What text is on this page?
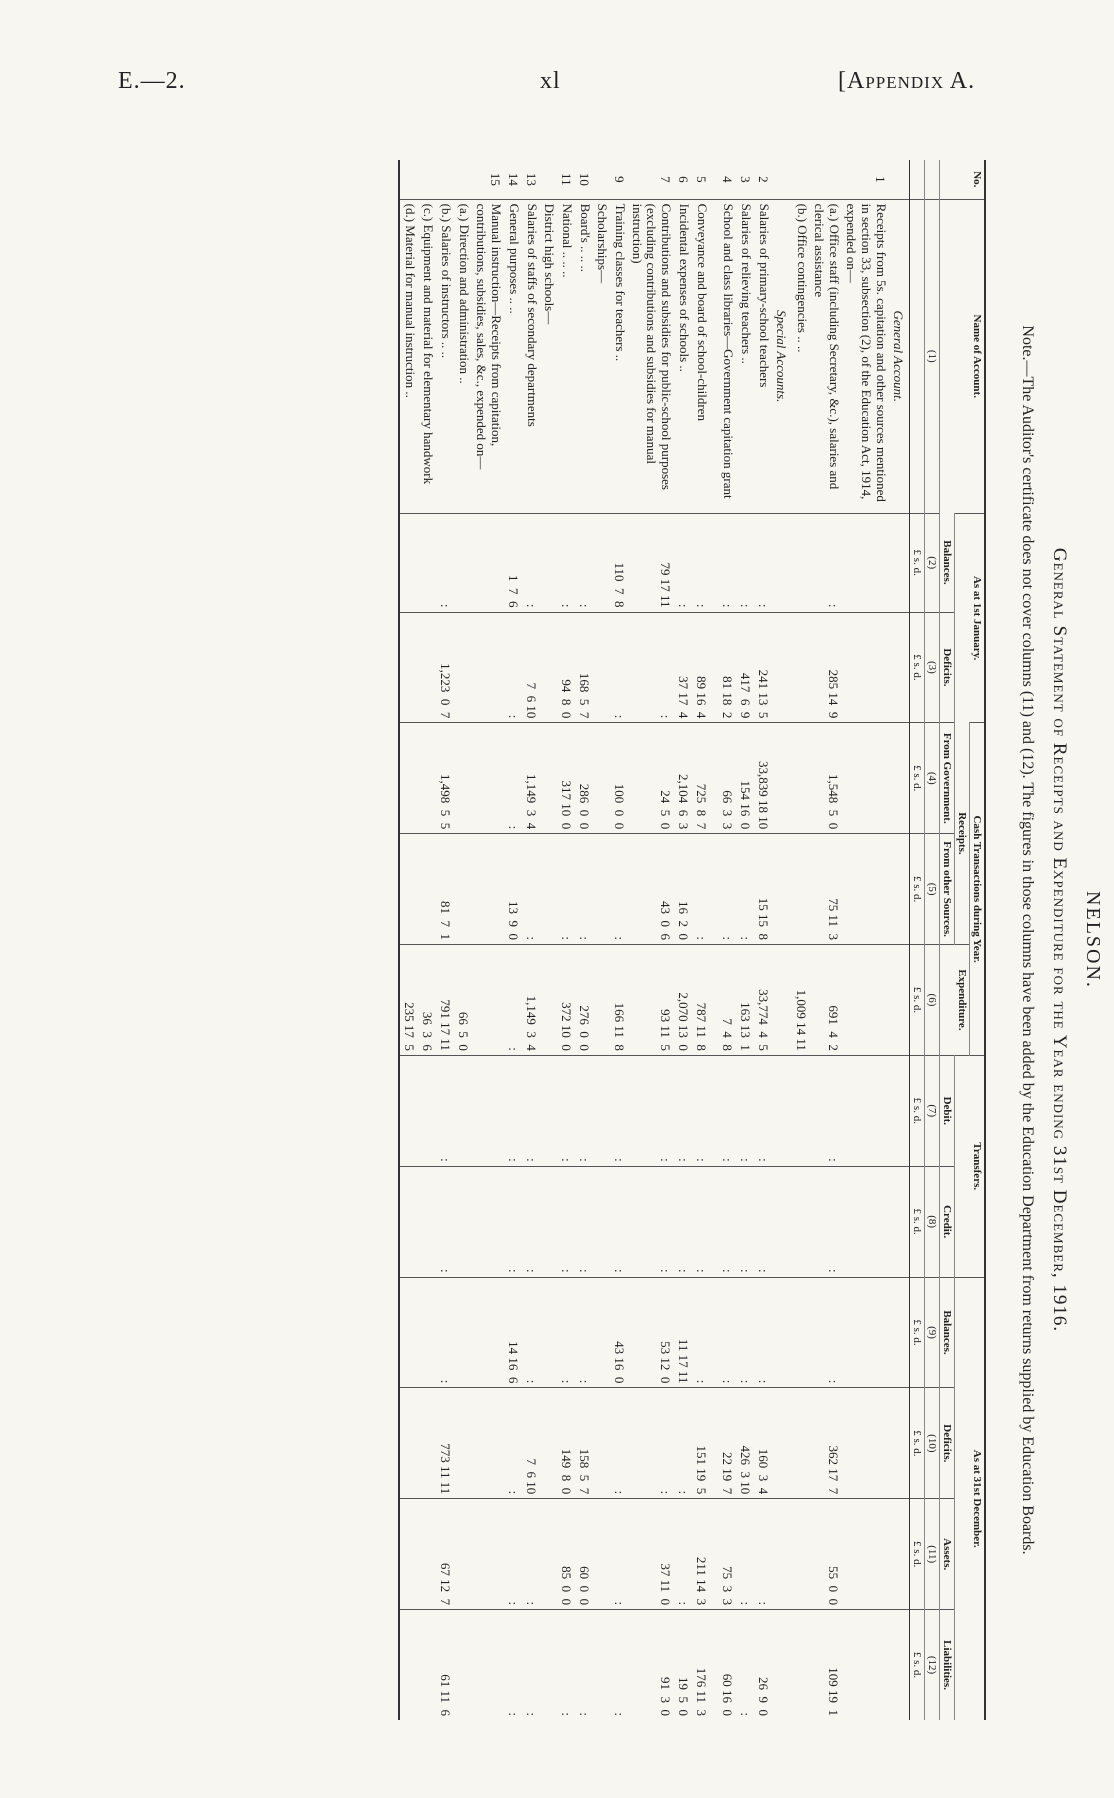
E.—2.	xl	[Appendix A.
NELSON.
General Statement of Receipts and Expenditure for the Year ending 31st December, 1916.
Note.—The Auditor's certificate does not cover columns (11) and (12). The figures in those columns have been added by the Education Department from returns supplied by Education Boards.
No.	Name of Account.	As at 1st January.		Cash Transactions during Year.			Transfers.		As at 31st December.			
				Receipts.		Expenditure.						
		Balances.	Deficits.	From Government.	From other Sources.		Debit.	Credit.	Balances.	Deficits.	Assets.	Liabilities.
	(1)	(2)	(3)	(4)	(5)	(6)	(7)	(8)	(9)	(10)	(11)	(12)
		£ s. d.	£ s. d.	£ s. d.	£ s. d.	£ s. d.	£ s. d.	£ s. d.	£ s. d.	£ s. d.	£ s. d.	£ s. d.
	General Account.											
1	Receipts from 5s. capitation and other sources mentioned in section 33, subsection (2), of the Education Act, 1914, expended on—											
	(a.) Office staff (including Secretary, &c.), salaries and clerical assistance	:	285 14  9	1,548  5  0	75 11  3	691  4  2	:	:	:	362 17  7	55  0  0	109 19  1
	(b.) Office contingencies .. ..					1,009 14 11						
	Special Accounts.											
2	Salaries of primary-school teachers	:	241 13  5	33,839 18 10	15 15  8	33,774  4  5	:	:	:	160  3  4	:	26  9  0
3	Salaries of relieving teachers ..	:	417  6  9	154 16  0	:	163 13  1	:	:	:	426  3 10	:	:
4	School and class libraries—Government capitation grant	:	81 18  2	66  3  3	:	7  4  8	:	:	:	22 19  7	75  3  3	60 16  0

5	Conveyance and board of school-children	:	89 16  4	725  8  7	:	787 11  8	:	:	:	151 19  5	211 14  3	176 11  3
6	Incidental expenses of schools ..	:	37 17  4	2,104  6  3	16  2  0	2,070 13  0	:	:	11 17 11	:	:	19  5  0
7	Contributions and subsidies for public-school purposes (excluding contributions and subsidies for manual instruction)	79 17 11	:	24  5  0	43  0  6	93 11  5	:	:	53 12  0	:	37 11  0	91  3  0
9	Training classes for teachers ..	110  7  8	:	100  0  0	:	166 11  8	:	:	43 16  0	:	:	:
	Scholarships—											
10	Board's .. .. ..	:	168  5  7	286  0  0	:	276  0  0	:	:	:	158  5  7	60  0  0	:
11	National .. .. ..	:	94  8  0	317 10  0	:	372 10  0	:	:	:	149  8  0	85  0  0	:
	District high schools—											
13	Salaries of staffs of secondary departments	:	7  6 10	1,149  3  4	:	1,149  3  4	:	:	:	7  6 10	:	:
14	General purposes .. ..	1  7  6	:	:	13  9  0	:	:	:	14 16  6	:	:	:
15	Manual instruction—Receipts from capitation, contributions, subsidies, sales, &c., expended on—											
	(a.) Direction and administration ..					66  5  0						
	(b.) Salaries of instructors .. ..	:	1,223  0  7	1,498  5  5	81  7  1	791 17 11	:	:	:	773 11 11	67 12  7	61 11  6
	(c.) Equipment and material for elementary handwork					36  3  6						
	(d.) Material for manual instruction ..					235 17  5						
